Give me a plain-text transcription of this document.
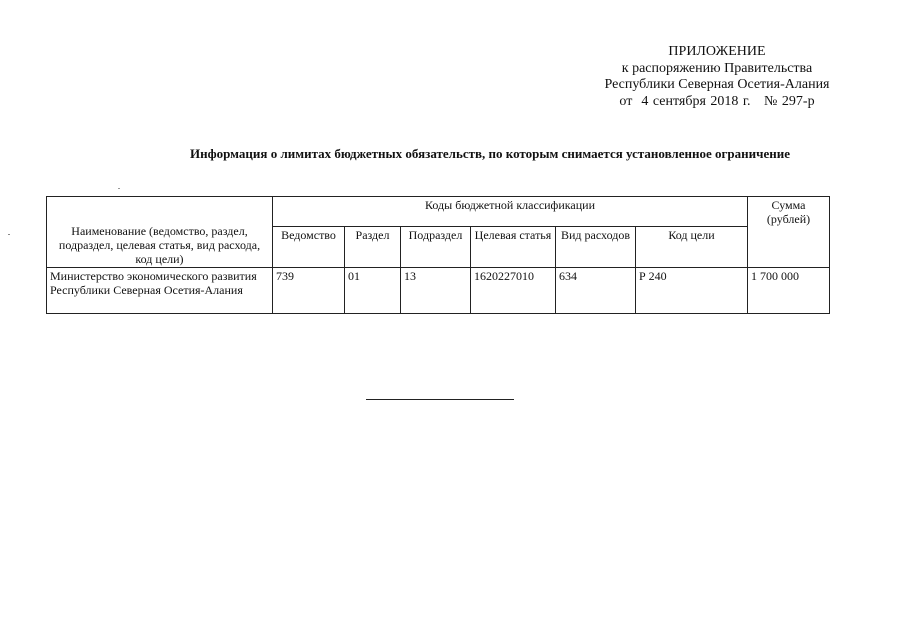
ПРИЛОЖЕНИЕ
к распоряжению Правительства
Республики Северная Осетия-Алания
от  4 сентября 2018 г.   № 297-р
Информация о лимитах бюджетных обязательств, по которым снимается установленное ограничение
Наименование (ведомство, раздел, подраздел, целевая статья, вид расхода, код цели)	Коды бюджетной классификации						Сумма (рублей)
	Ведомство	Раздел	Подраздел	Целевая статья	Вид расходов	Код цели	
Министерство экономического развития Республики Северная Осетия-Алания	739	01	13	1620227010	634	Р 240	1 700 000
